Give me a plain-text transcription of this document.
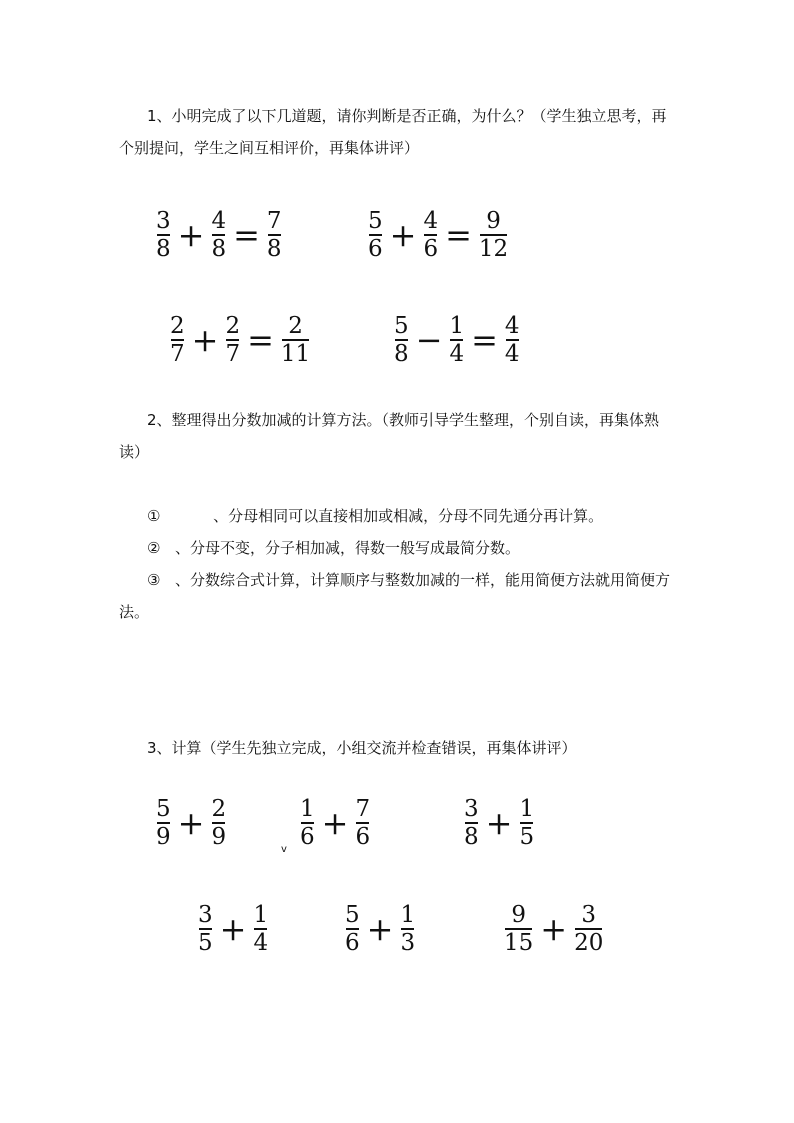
1、小明完成了以下几道题，请你判断是否正确，为什么？（学生独立思考，再个别提问，学生之间互相评价，再集体讲评）

$\frac{3}{8} + \frac{4}{8} = \frac{7}{8}$	$\frac{5}{6} + \frac{4}{6} = \frac{9}{12}$
$\frac{2}{7} + \frac{2}{7} = \frac{2}{11}$	$\frac{5}{8} - \frac{1}{4} = \frac{4}{4}$

2、整理得出分数加减的计算方法。（教师引导学生整理，个别自读，再集体熟读）

①        、分母相同可以直接相加或相减，分母不同先通分再计算。
② 、分母不变，分子相加减，得数一般写成最简分数。
③ 、分数综合式计算，计算顺序与整数加减的一样，能用简便方法就用简便方法。

3、计算（学生先独立完成，小组交流并检查错误，再集体讲评）

$\frac{5}{9} + \frac{2}{9}$	$\frac{1}{6} + \frac{7}{6}$	$\frac{3}{8} + \frac{1}{5}$
v
$\frac{3}{5} + \frac{1}{4}$	$\frac{5}{6} + \frac{1}{3}$	$\frac{9}{15} + \frac{3}{20}$
